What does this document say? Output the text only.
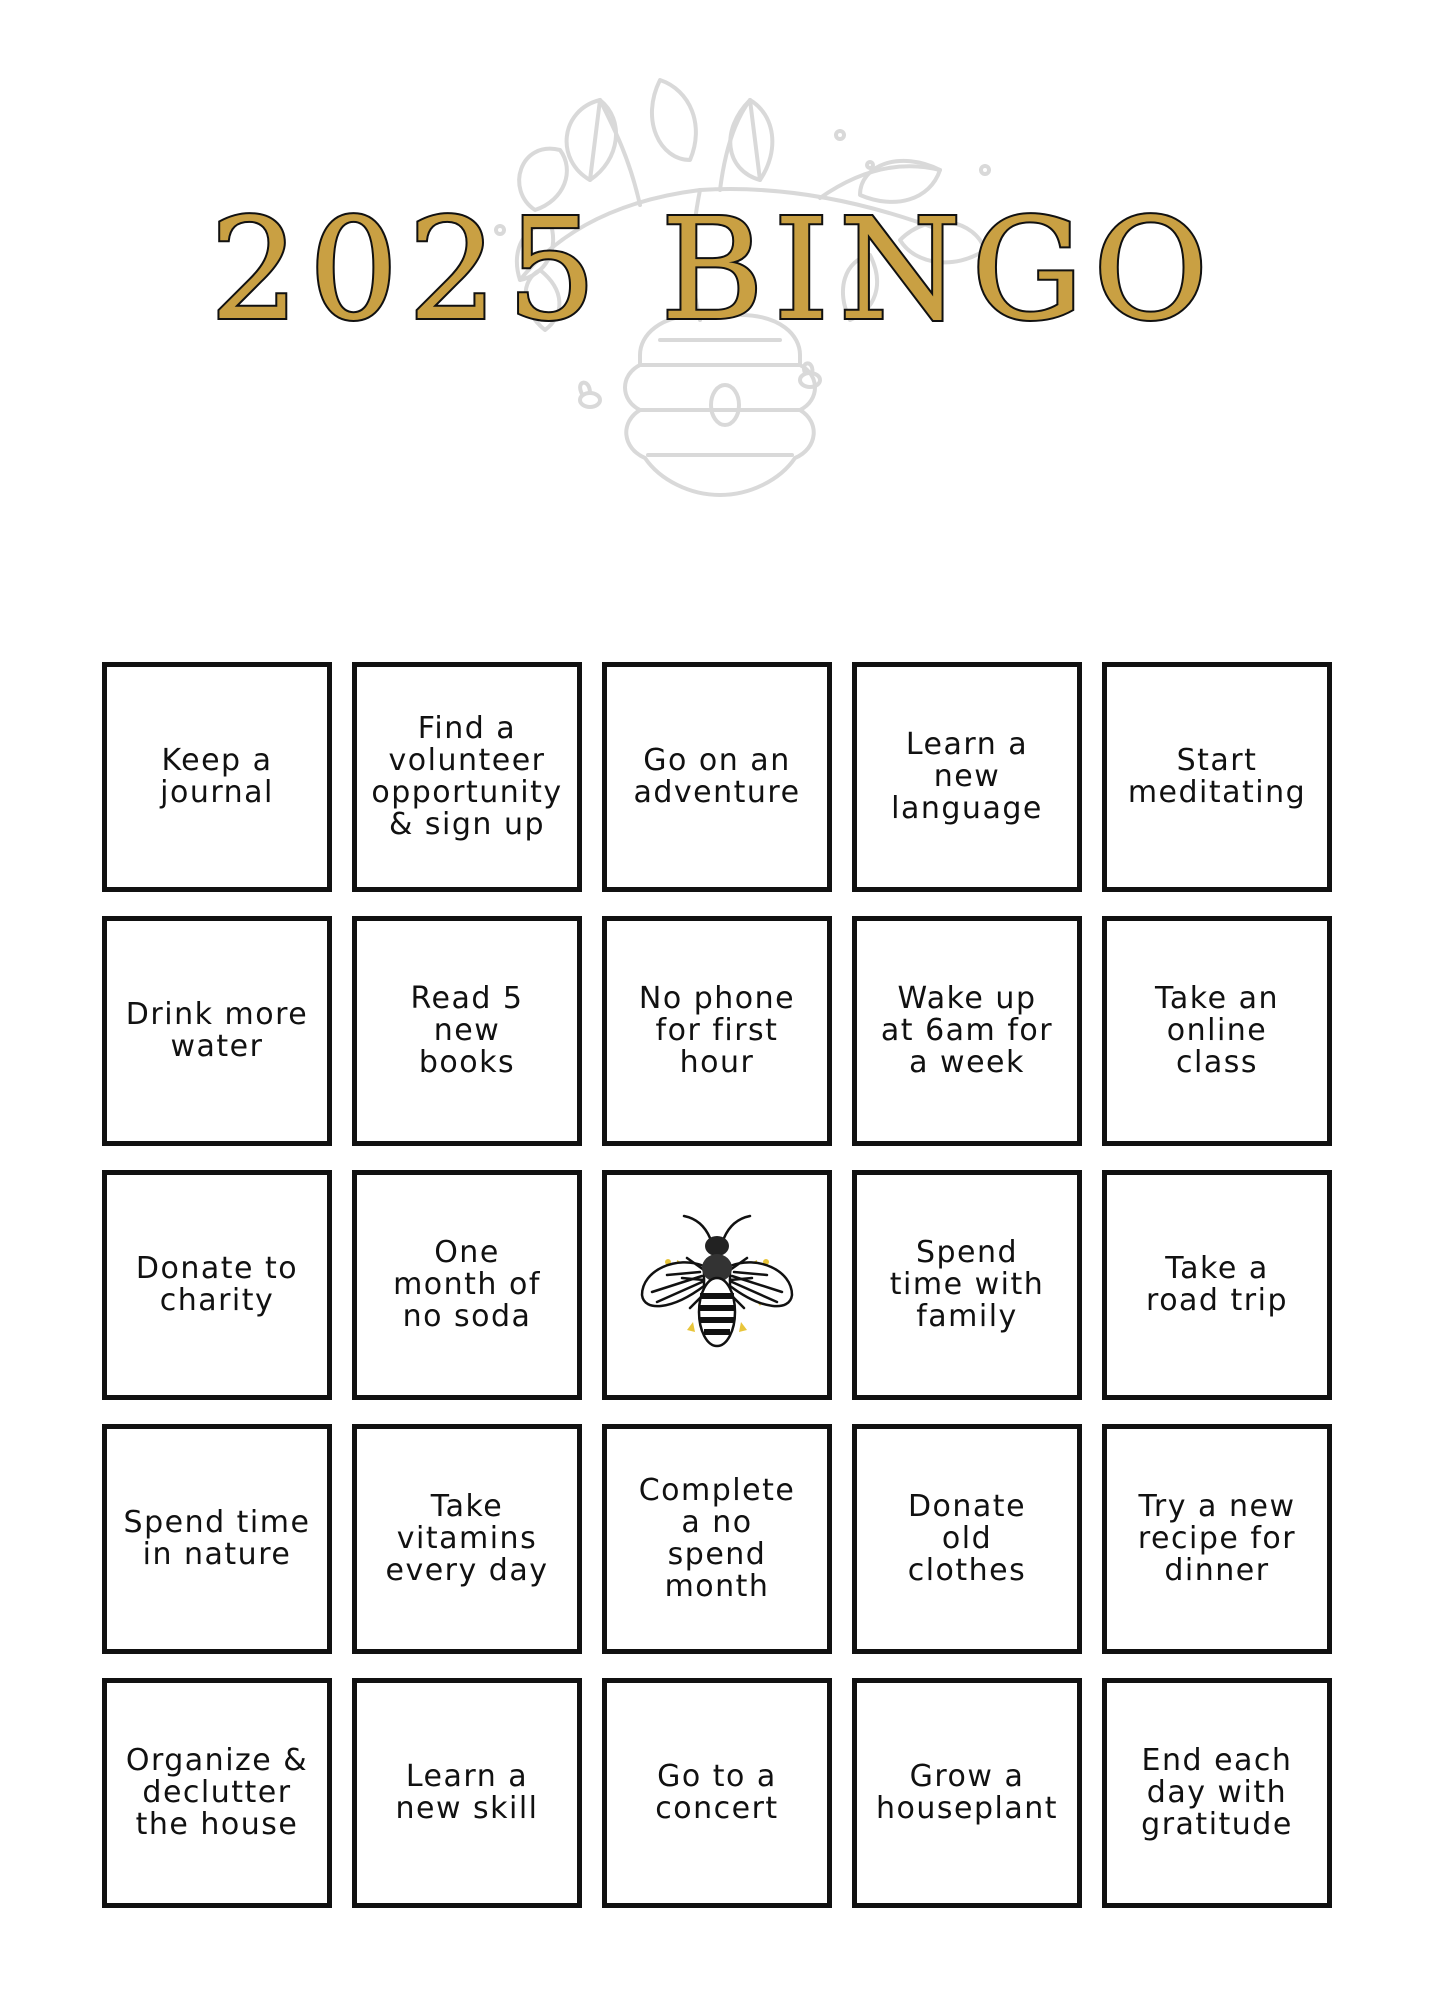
2025 BINGO
Keep a
journal
Find a
volunteer
opportunity
& sign up
Go on an
adventure
Learn a
new
language
Start
meditating
Drink more
water
Read 5
new
books
No phone
for first
hour
Wake up
at 6am for
a week
Take an
online
class
Donate to
charity
One
month of
no soda
Spend
time with
family
Take a
road trip
Spend time
in nature
Take
vitamins
every day
Complete
a no
spend
month
Donate
old
clothes
Try a new
recipe for
dinner
Organize &
declutter
the house
Learn a
new skill
Go to a
concert
Grow a
houseplant
End each
day with
gratitude
